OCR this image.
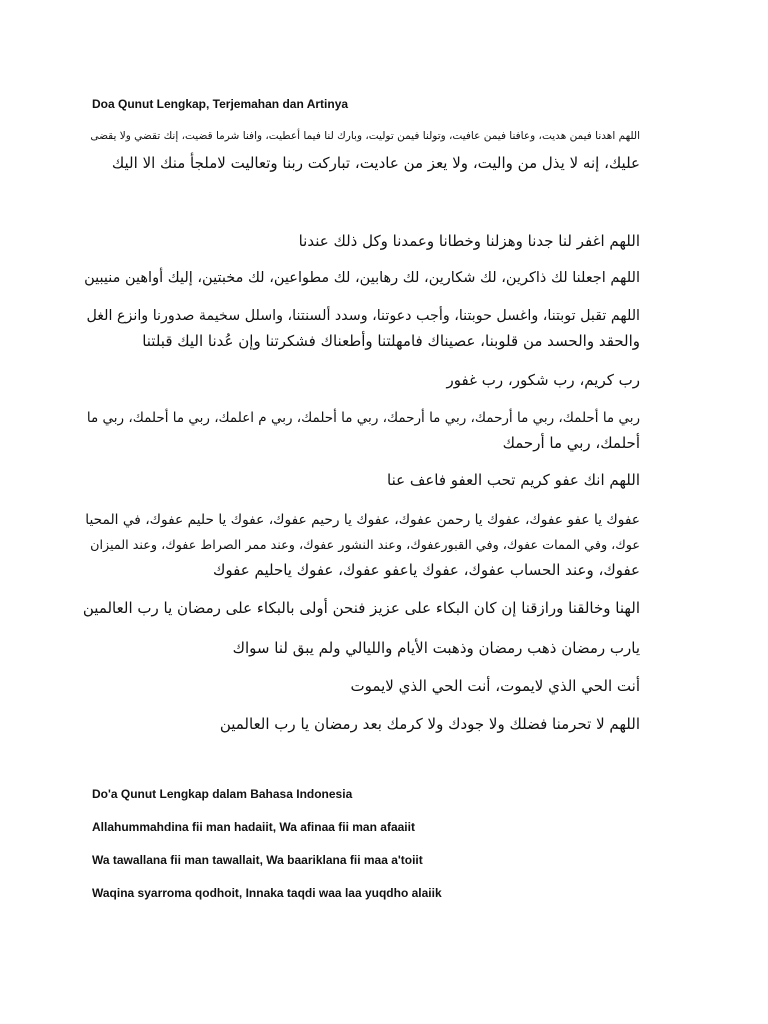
Doa Qunut Lengkap, Terjemahan dan Artinya
اللهم اهدنا فيمن هديت، وعافنا فيمن عافيت، وتولنا فيمن توليت، وبارك لنا فيما أعطيت، وافنا شرما قضيت، إنك تقضي ولا يقضى
عليك، إنه لا يذل من واليت، ولا يعز من عاديت، تباركت ربنا وتعاليت لاملجأ منك الا اليك
اللهم اغفر لنا جدنا وهزلنا وخطانا وعمدنا وكل ذلك عندنا
اللهم اجعلنا لك ذاكرين، لك شكارين، لك رهابين، لك مطواعين، لك مخبتين، إليك أواهين منيبين
اللهم تقبل توبتنا، واغسل حوبتنا، وأجب دعوتنا، وسدد ألسنتنا، واسلل سخيمة صدورنا وانزع الغل
والحقد والحسد من قلوبنا، عصيناك فامهلتنا وأطعناك فشكرتنا وإن عُدنا اليك قبلتنا
رب كريم، رب شكور، رب غفور
ربي ما أحلمك، ربي ما أرحمك، ربي ما أرحمك، ربي ما أحلمك، ربي م اعلمك، ربي ما أحلمك، ربي ما
أحلمك، ربي ما أرحمك
اللهم انك عفو كريم تحب العفو فاعف عنا
عفوك يا عفو عفوك، عفوك يا رحمن عفوك، عفوك يا رحيم عفوك، عفوك يا حليم عفوك، في المحيا
عوك، وفي الممات عفوك، وفي القبورعفوك، وعند النشور عفوك، وعند ممر الصراط عفوك، وعند الميزان
عفوك، وعند الحساب عفوك، عفوك ياعفو عفوك، عفوك ياحليم عفوك
الهنا وخالقنا ورازقنا إن كان البكاء على عزيز فنحن أولى بالبكاء على رمضان يا رب العالمين
يارب رمضان ذهب رمضان وذهبت الأيام والليالي ولم يبق لنا سواك
أنت الحي الذي لايموت، أنت الحي الذي لايموت
اللهم لا تحرمنا فضلك ولا جودك ولا كرمك بعد رمضان يا رب العالمين
Do'a Qunut Lengkap dalam Bahasa Indonesia
Allahummahdina fii man hadaiit, Wa afinaa fii man afaaiit
Wa tawallana fii man tawallait, Wa baariklana fii maa a'toiit
Waqina syarroma qodhoit, Innaka taqdi waa laa yuqdho alaiik
